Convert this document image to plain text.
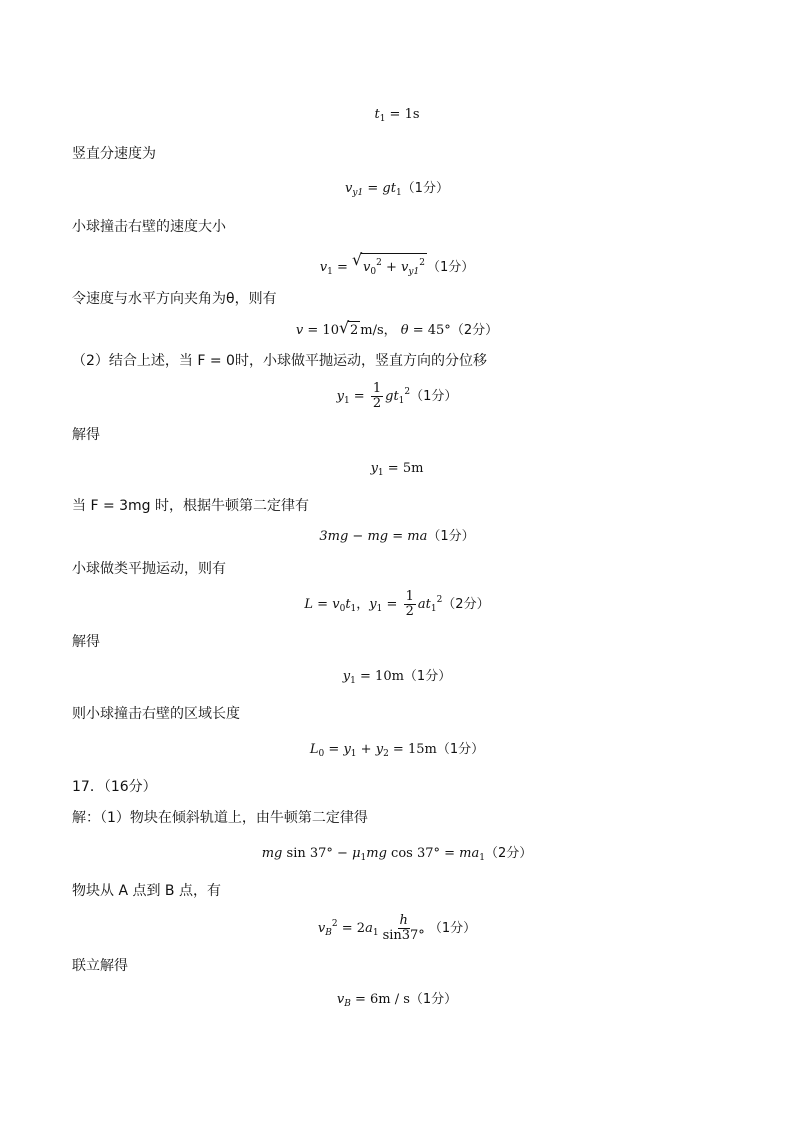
$t_1 = 1s$
竖直分速度为
$v_{y1} = gt_1(1$分）
小球撞击右壁的速度大小
$v_1$ = √ $v_0^2 + v_{y1}^2$ （1分）
令速度与水平方向夹角为θ，则有
v = 10 √ 2 m/s， θ = 45°（2分）
（2）结合上述，当 F = 0时，小球做平抛运动，竖直方向的分位移
$y_1 = \frac{1}{2} gt_1^2(1$分）
解得
$y_1 = 5m$
当 F = 3mg 时，根据牛顿第二定律有
3mg − mg = ma（1分）
小球做类平抛运动，则有
$L = v_0t_1$，$y_1 = \frac{1}{2} at_1^2(2$分）
解得
$y_1 = 10m(1$分）
则小球撞击右壁的区域长度
$L_0 = y_1 + y_2 = 15m(1$分）
17．（16分）
解：（1）物块在倾斜轨道上，由牛顿第二定律得
mg $\sin 37^\circ - \mu_1mg$ $\cos 37^\circ = ma_1(2$分）
物块从 A 点到 B 点，有
$v_B^2 = 2a_1 \frac{h}{\sin 37^\circ} (1$分）
联立解得
$v_B = 6m / s(1$分）
